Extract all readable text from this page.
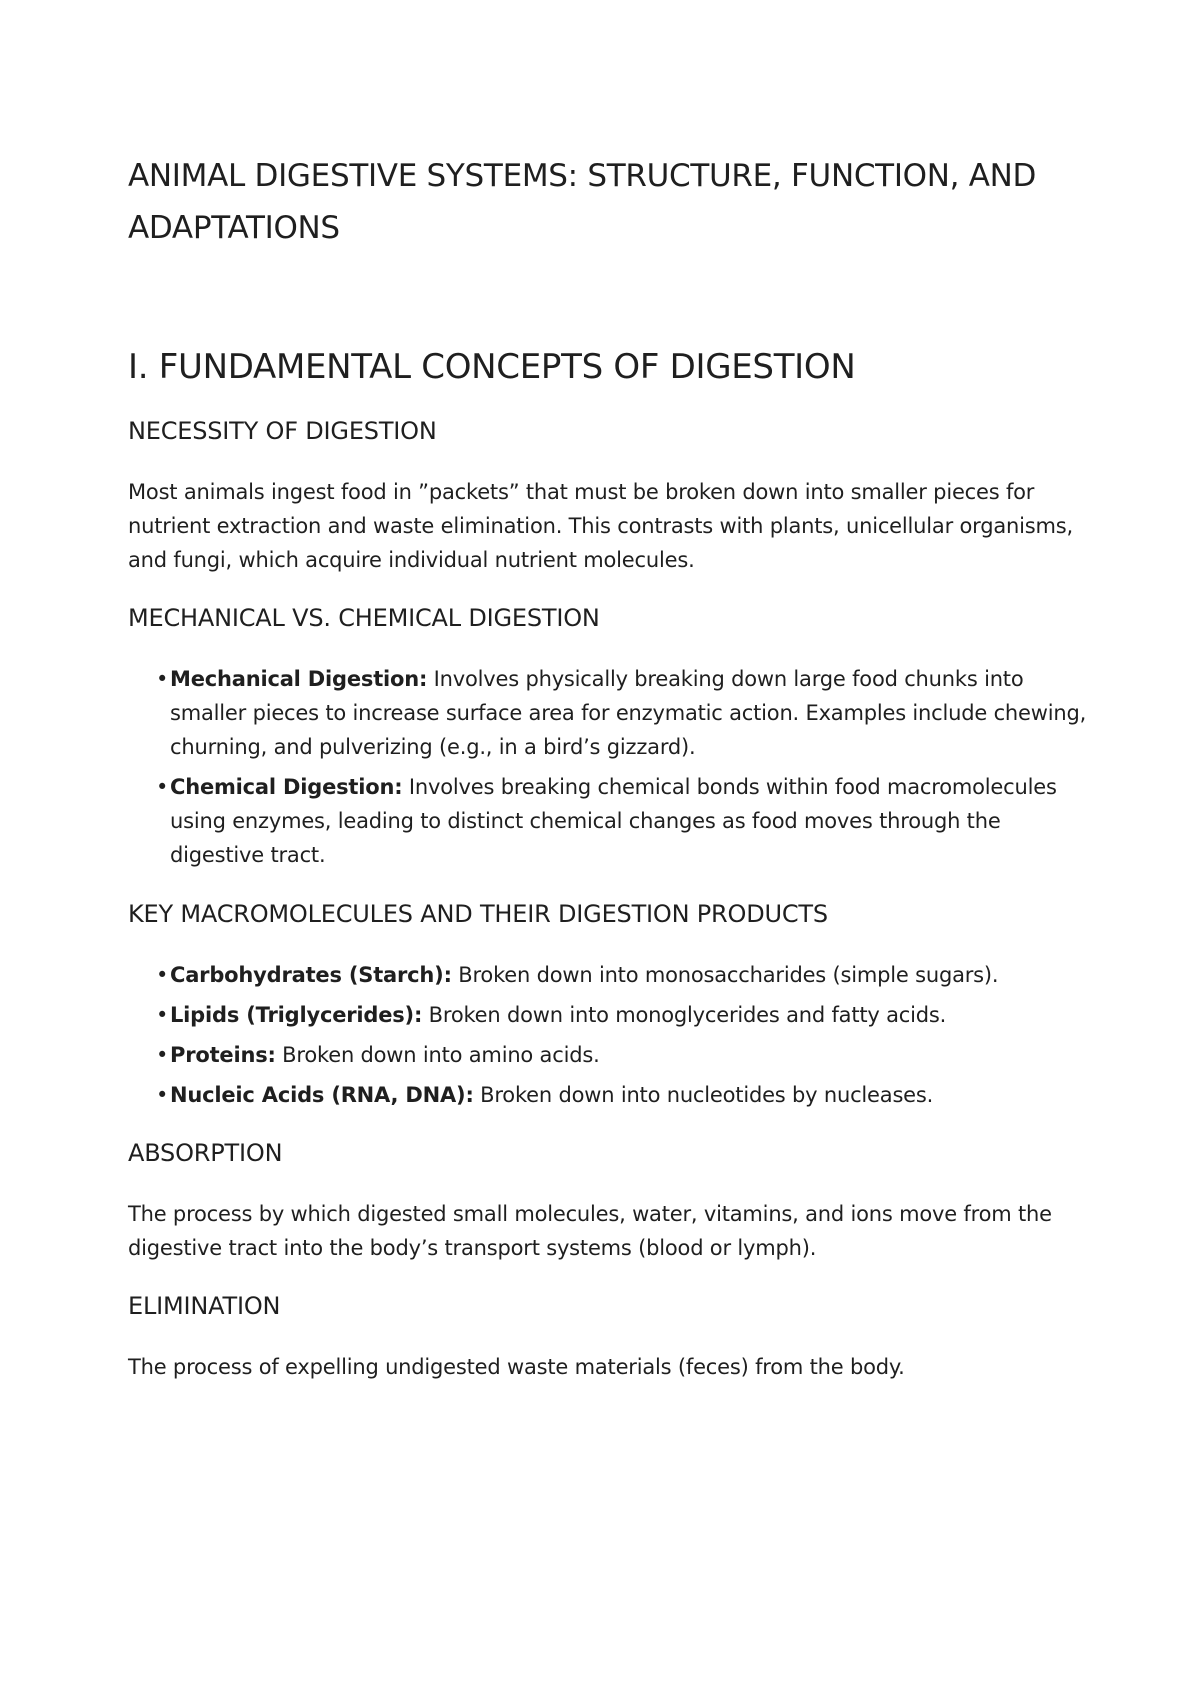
ANIMAL DIGESTIVE SYSTEMS: STRUCTURE, FUNCTION, AND ADAPTATIONS
I. FUNDAMENTAL CONCEPTS OF DIGESTION
NECESSITY OF DIGESTION

Most animals ingest food in ”packets” that must be broken down into smaller pieces for nutrient extraction and waste elimination. This contrasts with plants, unicellular organisms, and fungi, which acquire individual nutrient molecules.

MECHANICAL VS. CHEMICAL DIGESTION
• Mechanical Digestion: Involves physically breaking down large food chunks into smaller pieces to increase surface area for enzymatic action. Examples include chewing, churning, and pulverizing (e.g., in a bird’s gizzard).
• Chemical Digestion: Involves breaking chemical bonds within food macromolecules using enzymes, leading to distinct chemical changes as food moves through the digestive tract.
KEY MACROMOLECULES AND THEIR DIGESTION PRODUCTS
• Carbohydrates (Starch): Broken down into monosaccharides (simple sugars).
• Lipids (Triglycerides): Broken down into monoglycerides and fatty acids.
• Proteins: Broken down into amino acids.
• Nucleic Acids (RNA, DNA): Broken down into nucleotides by nucleases.
ABSORPTION

The process by which digested small molecules, water, vitamins, and ions move from the digestive tract into the body’s transport systems (blood or lymph).

ELIMINATION

The process of expelling undigested waste materials (feces) from the body.
